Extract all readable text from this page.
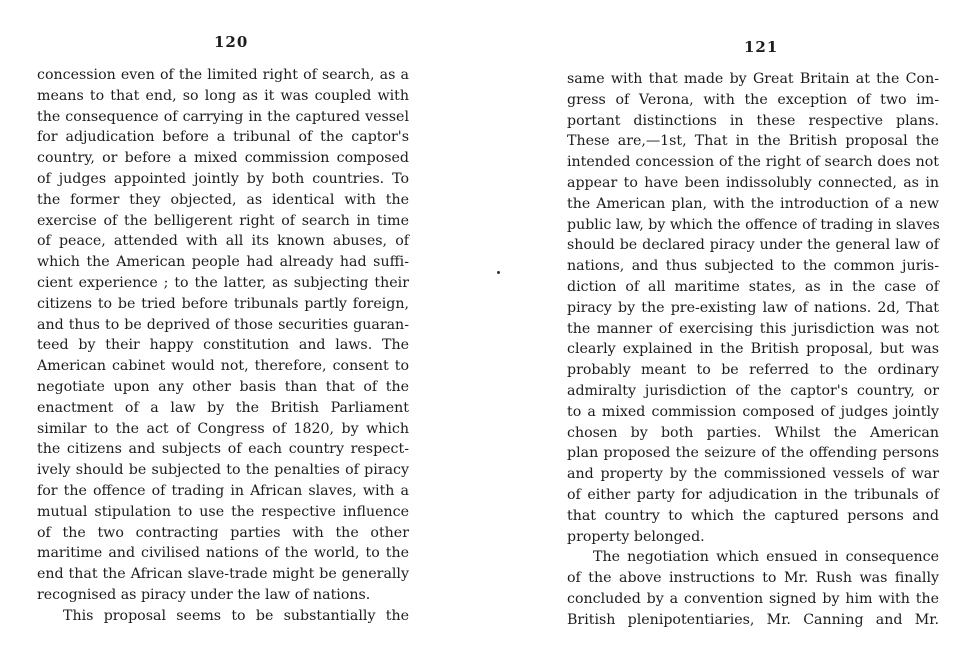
120
concession even of the limited right of search, as a
means to that end, so long as it was coupled with
the consequence of carrying in the captured vessel
for adjudication before a tribunal of the captor's
country, or before a mixed commission composed
of judges appointed jointly by both countries. To
the former they objected, as identical with the
exercise of the belligerent right of search in time
of peace, attended with all its known abuses, of
which the American people had already had suffi-
cient experience ; to the latter, as subjecting their
citizens to be tried before tribunals partly foreign,
and thus to be deprived of those securities guaran-
teed by their happy constitution and laws. The
American cabinet would not, therefore, consent to
negotiate upon any other basis than that of the
enactment of a law by the British Parliament
similar to the act of Congress of 1820, by which
the citizens and subjects of each country respect-
ively should be subjected to the penalties of piracy
for the offence of trading in African slaves, with a
mutual stipulation to use the respective influence
of the two contracting parties with the other
maritime and civilised nations of the world, to the
end that the African slave-trade might be generally
recognised as piracy under the law of nations.
This proposal seems to be substantially the
121
same with that made by Great Britain at the Con-
gress of Verona, with the exception of two im-
portant distinctions in these respective plans.
These are,—1st, That in the British proposal the
intended concession of the right of search does not
appear to have been indissolubly connected, as in
the American plan, with the introduction of a new
public law, by which the offence of trading in slaves
should be declared piracy under the general law of
nations, and thus subjected to the common juris-
diction of all maritime states, as in the case of
piracy by the pre-existing law of nations. 2d, That
the manner of exercising this jurisdiction was not
clearly explained in the British proposal, but was
probably meant to be referred to the ordinary
admiralty jurisdiction of the captor's country, or
to a mixed commission composed of judges jointly
chosen by both parties. Whilst the American
plan proposed the seizure of the offending persons
and property by the commissioned vessels of war
of either party for adjudication in the tribunals of
that country to which the captured persons and
property belonged.
The negotiation which ensued in consequence
of the above instructions to Mr. Rush was finally
concluded by a convention signed by him with the
British plenipotentiaries, Mr. Canning and Mr.
